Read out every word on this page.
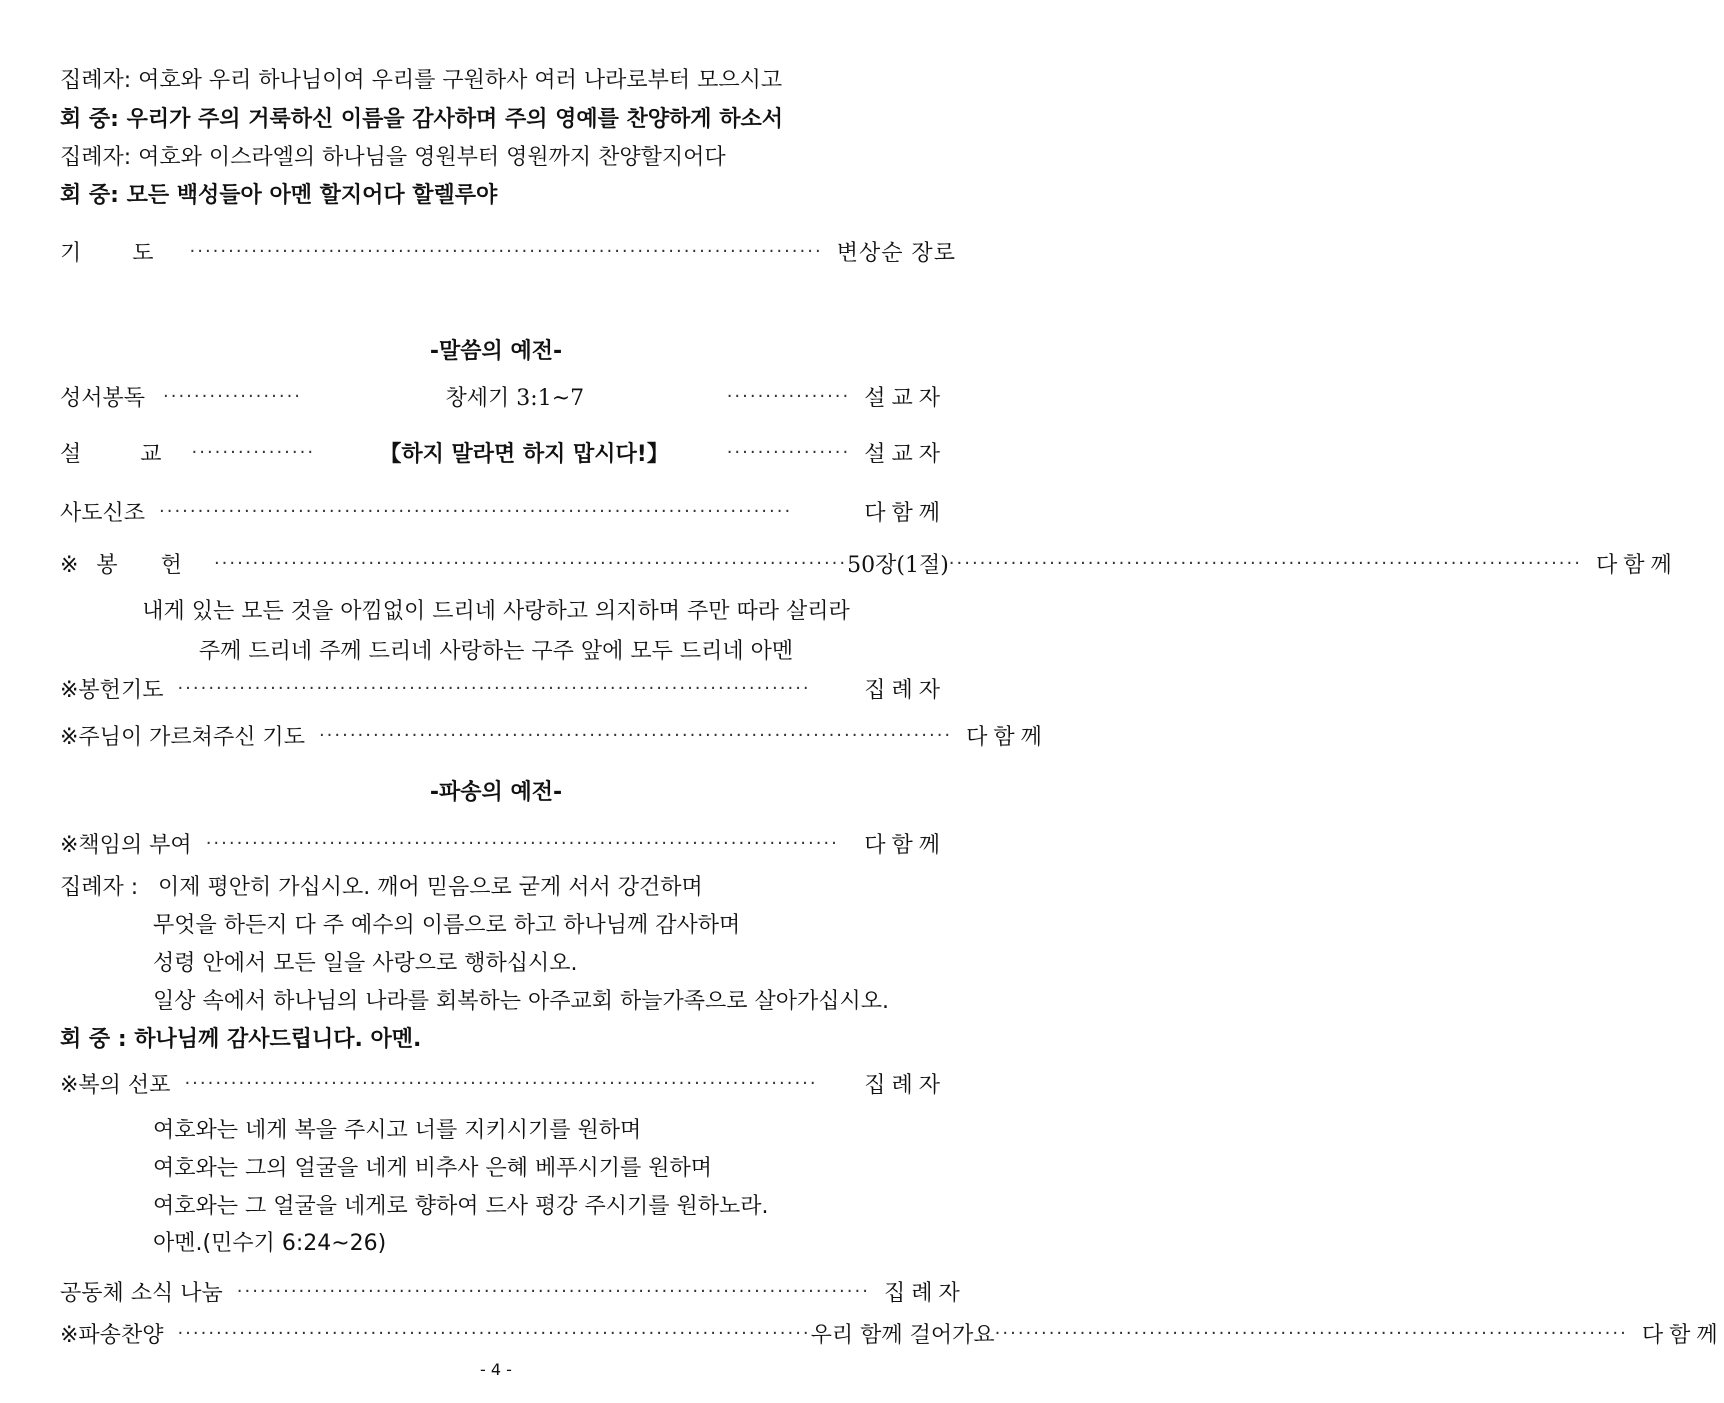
집례자: 여호와 우리 하나님이여 우리를 구원하사 여러 나라로부터 모으시고
회 중: 우리가 주의 거룩하신 이름을 감사하며 주의 영예를 찬양하게 하소서
집례자: 여호와 이스라엘의 하나님을 영원부터 영원까지 찬양할지어다
회 중: 모든 백성들아 아멘 할지어다 할렐루야
기 도 ·················································································· 변상순 장로
-말씀의 예전-
성서봉독 ··················	창세기 3:1~7	················ 설교자
설 교 ················	【하지 말라면 하지 맙시다!】	················ 설교자
사도신조 ··················································································	다함께
※봉 헌 ·················································································· 50장(1절) ·················································································· 다함께
내게 있는 모든 것을 아낌없이 드리네 사랑하고 의지하며 주만 따라 살리라
주께 드리네 주께 드리네 사랑하는 구주 앞에 모두 드리네 아멘
※봉헌기도 ··················································································	집례자
※주님이 가르쳐주신 기도 ·················································································· 다함께
-파송의 예전-
※책임의 부여 ··················································································	다함께
집례자 : 이제 평안히 가십시오. 깨어 믿음으로 굳게 서서 강건하며
무엇을 하든지 다 주 예수의 이름으로 하고 하나님께 감사하며
성령 안에서 모든 일을 사랑으로 행하십시오.
일상 속에서 하나님의 나라를 회복하는 아주교회 하늘가족으로 살아가십시오.
회 중 : 하나님께 감사드립니다. 아멘.
※복의 선포 ··················································································	집례자
여호와는 네게 복을 주시고 너를 지키시기를 원하며
여호와는 그의 얼굴을 네게 비추사 은혜 베푸시기를 원하며
여호와는 그 얼굴을 네게로 향하여 드사 평강 주시기를 원하노라.
아멘.(민수기 6:24~26)
공동체 소식 나눔 ·················································································· 집례자
※파송찬양 ·················································································· 우리 함께 걸어가요 ·················································································· 다함께
- 4 -
